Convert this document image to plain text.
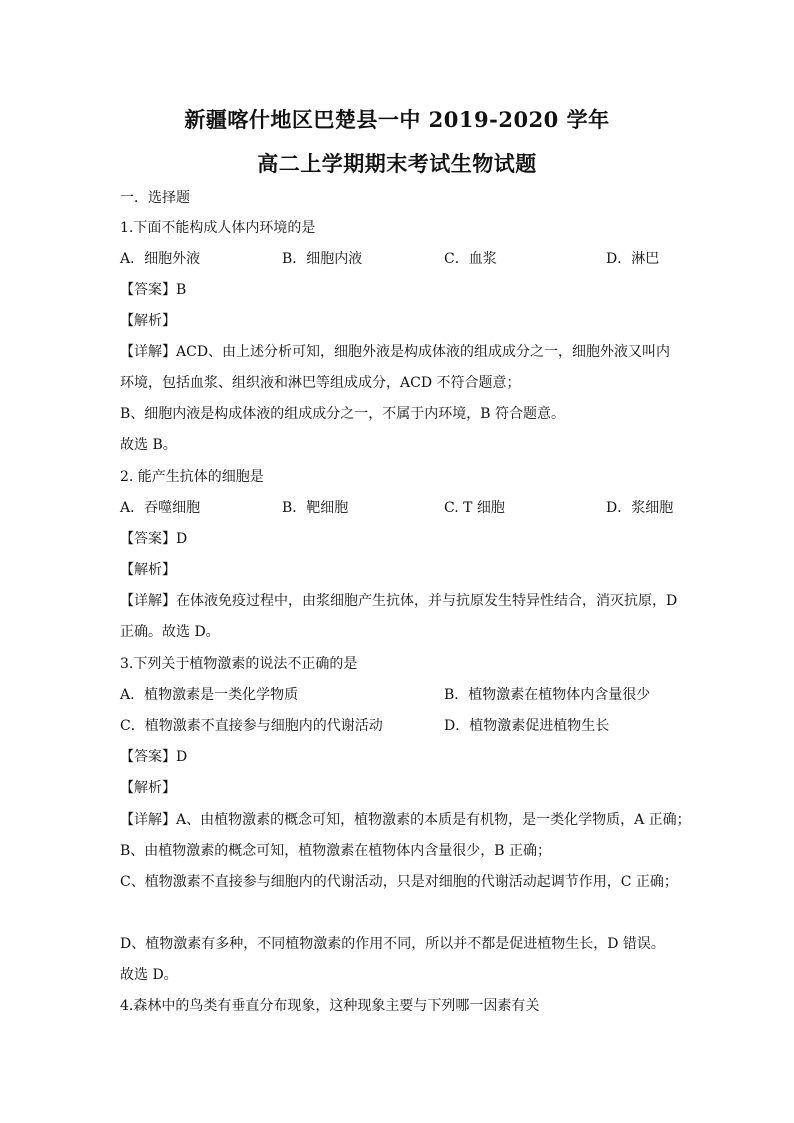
新疆喀什地区巴楚县一中 2019-2020 学年
高二上学期期末考试生物试题
一．选择题
1.下面不能构成人体内环境的是
A．细胞外液	B．细胞内液	C．血浆	D．淋巴
【答案】B
【解析】
【详解】ACD、由上述分析可知，细胞外液是构成体液的组成成分之一，细胞外液又叫内
环境，包括血浆、组织液和淋巴等组成成分，ACD 不符合题意；
B、细胞内液是构成体液的组成成分之一，不属于内环境，B 符合题意。
故选 B。
2. 能产生抗体的细胞是
A．吞噬细胞	B．靶细胞	C. T 细胞	D．浆细胞
【答案】D
【解析】
【详解】在体液免疫过程中，由浆细胞产生抗体，并与抗原发生特异性结合，消灭抗原，D
正确。故选 D。
3.下列关于植物激素的说法不正确的是
A．植物激素是一类化学物质	B．植物激素在植物体内含量很少
C．植物激素不直接参与细胞内的代谢活动	D．植物激素促进植物生长
【答案】D
【解析】
【详解】A、由植物激素的概念可知，植物激素的本质是有机物，是一类化学物质，A 正确；
B、由植物激素的概念可知，植物激素在植物体内含量很少，B 正确；
C、植物激素不直接参与细胞内的代谢活动，只是对细胞的代谢活动起调节作用，C 正确；
D、植物激素有多种，不同植物激素的作用不同，所以并不都是促进植物生长，D 错误。
故选 D。
4.森林中的鸟类有垂直分布现象，这种现象主要与下列哪一因素有关
